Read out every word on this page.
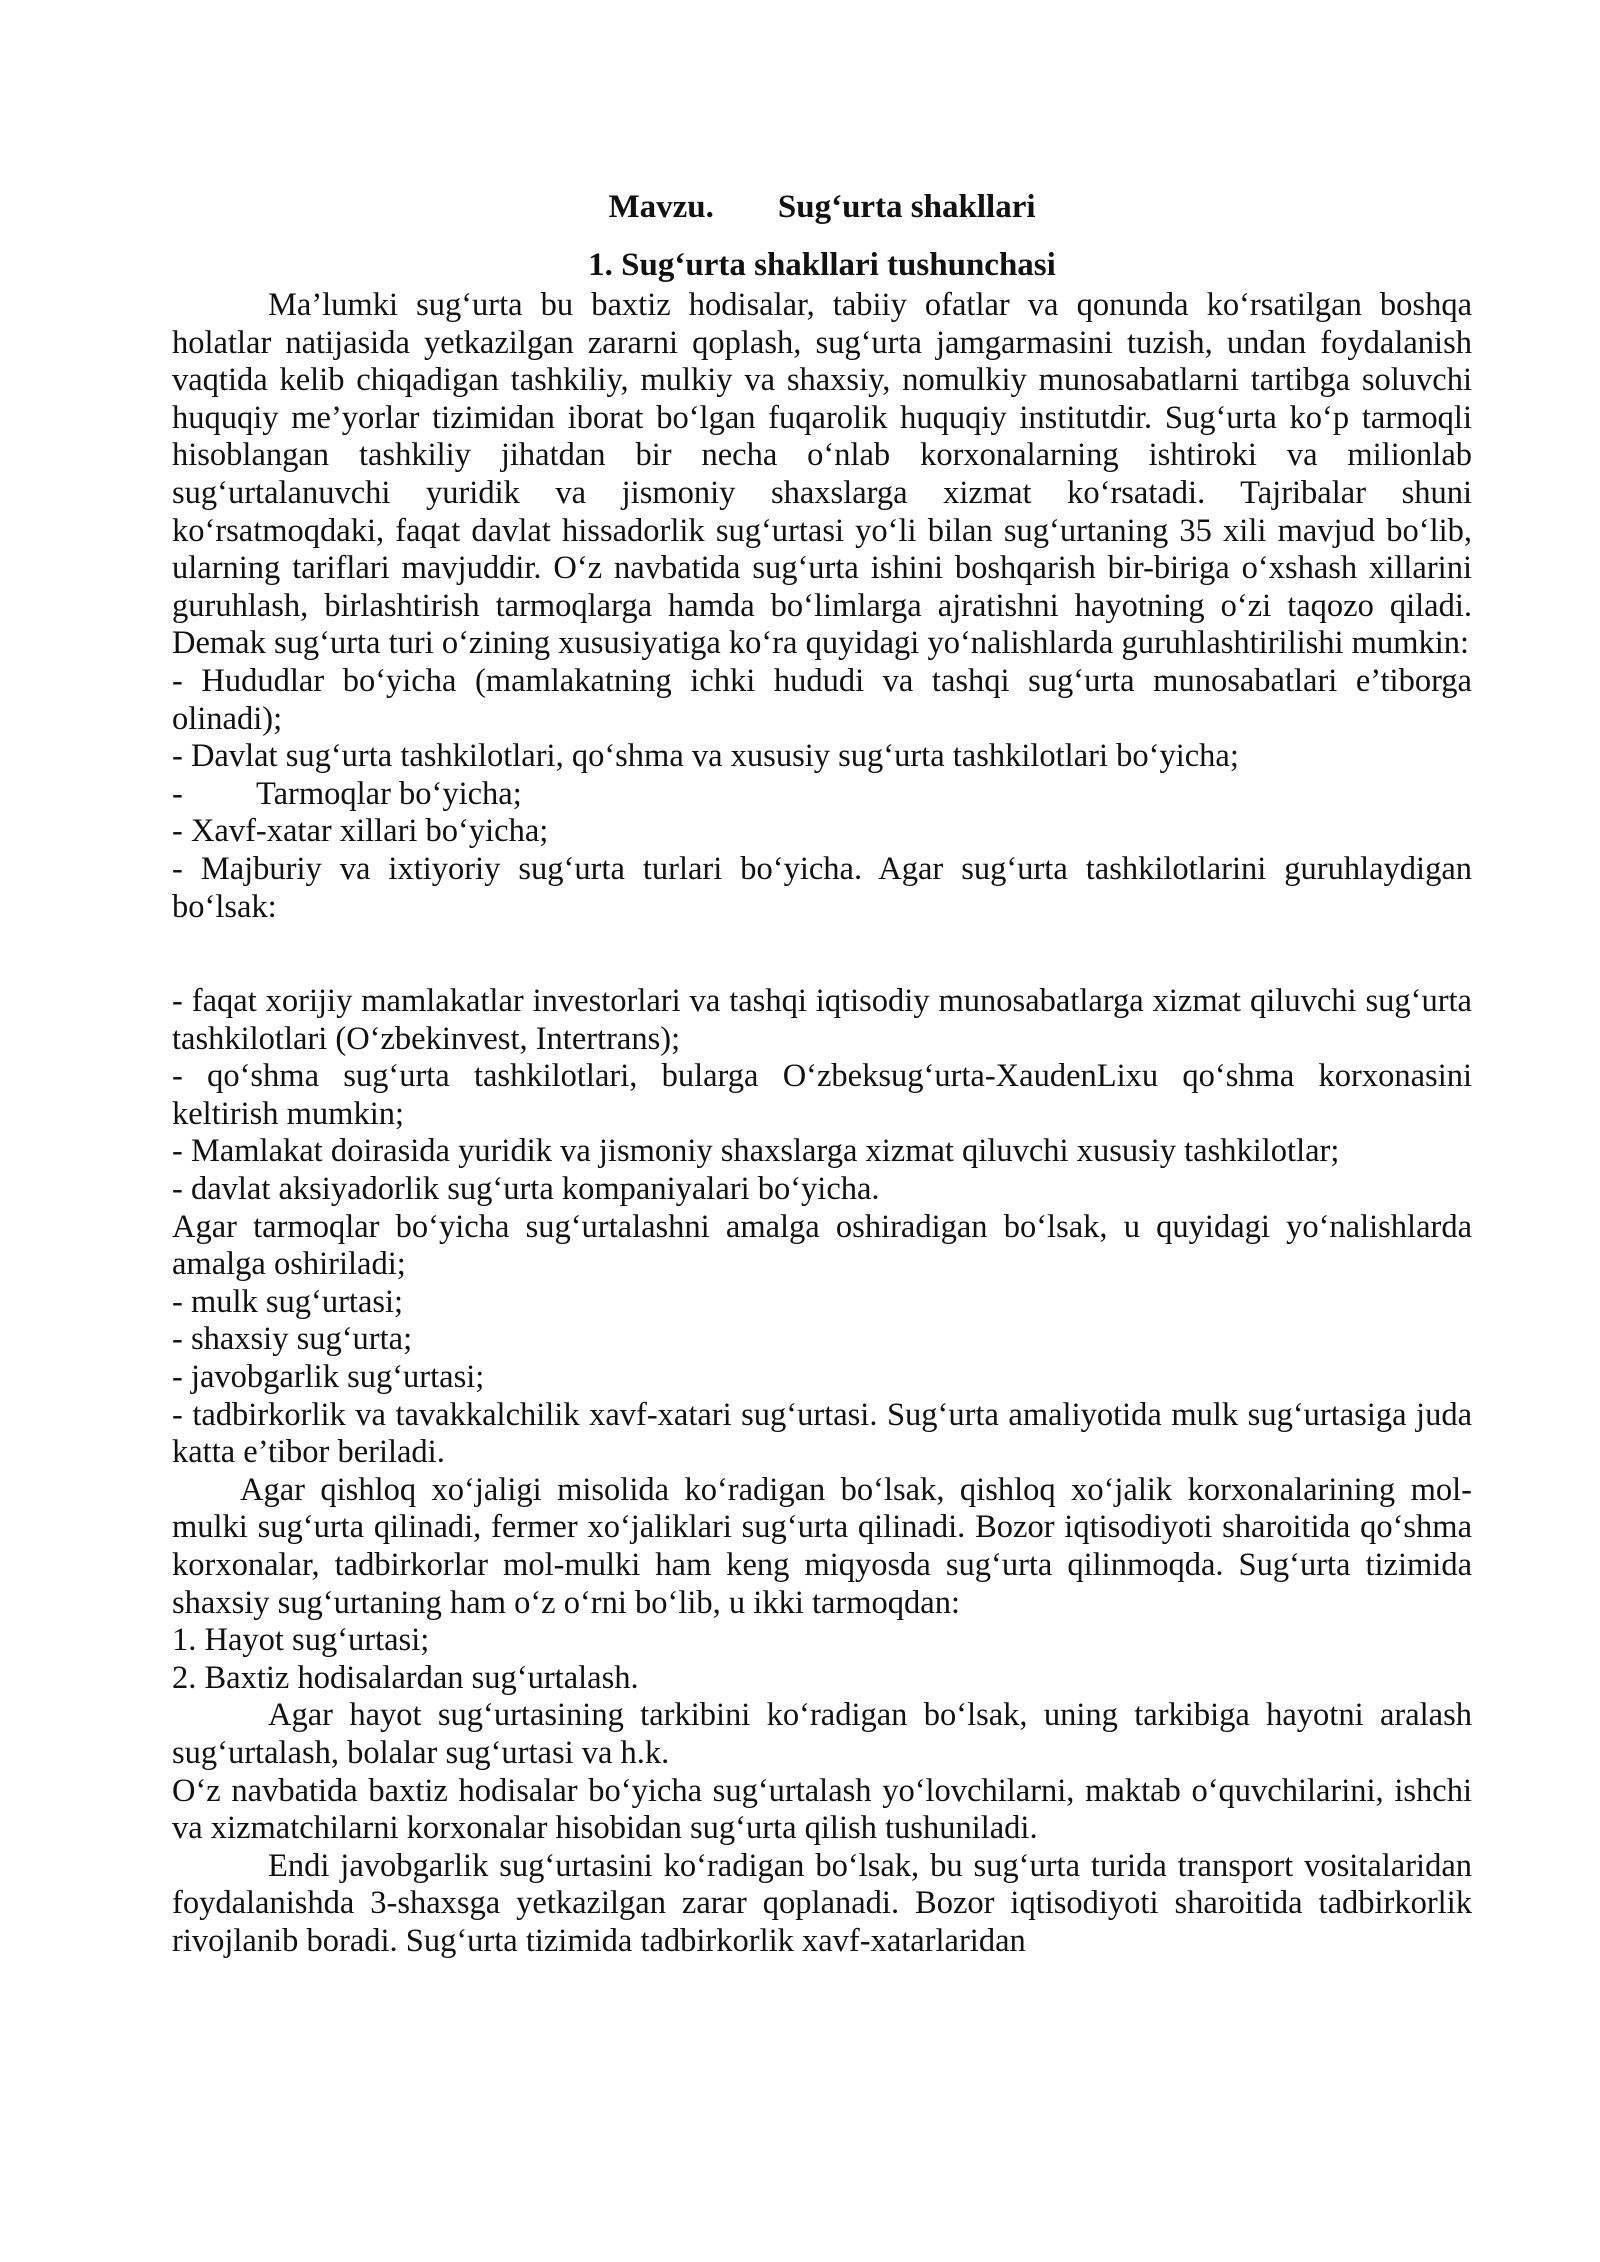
Mavzu. Sug‘urta shakllari
1. Sug‘urta shakllari tushunchasi

Ma’lumki sug‘urta bu baxtiz hodisalar, tabiiy ofatlar va qonunda ko‘rsatilgan boshqa holatlar natijasida yetkazilgan zararni qoplash, sug‘urta jamgarmasini tuzish, undan foydalanish vaqtida kelib chiqadigan tashkiliy, mulkiy va shaxsiy, nomulkiy munosabatlarni tartibga soluvchi huquqiy me’yorlar tizimidan iborat bo‘lgan fuqarolik huquqiy institutdir. Sug‘urta ko‘p tarmoqli hisoblangan tashkiliy jihatdan bir necha o‘nlab korxonalarning ishtiroki va milionlab sug‘urtalanuvchi yuridik va jismoniy shaxslarga xizmat ko‘rsatadi. Tajribalar shuni ko‘rsatmoqdaki, faqat davlat hissadorlik sug‘urtasi yo‘li bilan sug‘urtaning 35 xili mavjud bo‘lib, ularning tariflari mavjuddir. O‘z navbatida sug‘urta ishini boshqarish bir-biriga o‘xshash xillarini guruhlash, birlashtirish tarmoqlarga hamda bo‘limlarga ajratishni hayotning o‘zi taqozo qiladi. Demak sug‘urta turi o‘zining xususiyatiga ko‘ra quyidagi yo‘nalishlarda guruhlashtirilishi mumkin:

- Hududlar bo‘yicha (mamlakatning ichki hududi va tashqi sug‘urta munosabatlari e’tiborga olinadi);

- Davlat sug‘urta tashkilotlari, qo‘shma va xususiy sug‘urta tashkilotlari bo‘yicha;

- Tarmoqlar bo‘yicha;

- Xavf-xatar xillari bo‘yicha;

- Majburiy va ixtiyoriy sug‘urta turlari bo‘yicha. Agar sug‘urta tashkilotlarini guruhlaydigan bo‘lsak:

- faqat xorijiy mamlakatlar investorlari va tashqi iqtisodiy munosabatlarga xizmat qiluvchi sug‘urta tashkilotlari (O‘zbekinvest, Intertrans);

- qo‘shma sug‘urta tashkilotlari, bularga O‘zbeksug‘urta-XaudenLixu qo‘shma korxonasini keltirish mumkin;

- Mamlakat doirasida yuridik va jismoniy shaxslarga xizmat qiluvchi xususiy tashkilotlar;

- davlat aksiyadorlik sug‘urta kompaniyalari bo‘yicha.

Agar tarmoqlar bo‘yicha sug‘urtalashni amalga oshiradigan bo‘lsak, u quyidagi yo‘nalishlarda amalga oshiriladi;

- mulk sug‘urtasi;

- shaxsiy sug‘urta;

- javobgarlik sug‘urtasi;

- tadbirkorlik va tavakkalchilik xavf-xatari sug‘urtasi. Sug‘urta amaliyotida mulk sug‘urtasiga juda katta e’tibor beriladi.

Agar qishloq xo‘jaligi misolida ko‘radigan bo‘lsak, qishloq xo‘jalik korxonalarining mol-mulki sug‘urta qilinadi, fermer xo‘jaliklari sug‘urta qilinadi. Bozor iqtisodiyoti sharoitida qo‘shma korxonalar, tadbirkorlar mol-mulki ham keng miqyosda sug‘urta qilinmoqda. Sug‘urta tizimida shaxsiy sug‘urtaning ham o‘z o‘rni bo‘lib, u ikki tarmoqdan:

1. Hayot sug‘urtasi;

2. Baxtiz hodisalardan sug‘urtalash.

Agar hayot sug‘urtasining tarkibini ko‘radigan bo‘lsak, uning tarkibiga hayotni aralash sug‘urtalash, bolalar sug‘urtasi va h.k.

O‘z navbatida baxtiz hodisalar bo‘yicha sug‘urtalash yo‘lovchilarni, maktab o‘quvchilarini, ishchi va xizmatchilarni korxonalar hisobidan sug‘urta qilish tushuniladi.

Endi javobgarlik sug‘urtasini ko‘radigan bo‘lsak, bu sug‘urta turida transport vositalaridan foydalanishda 3-shaxsga yetkazilgan zarar qoplanadi. Bozor iqtisodiyoti sharoitida tadbirkorlik rivojlanib boradi. Sug‘urta tizimida tadbirkorlik xavf-xatarlaridan
